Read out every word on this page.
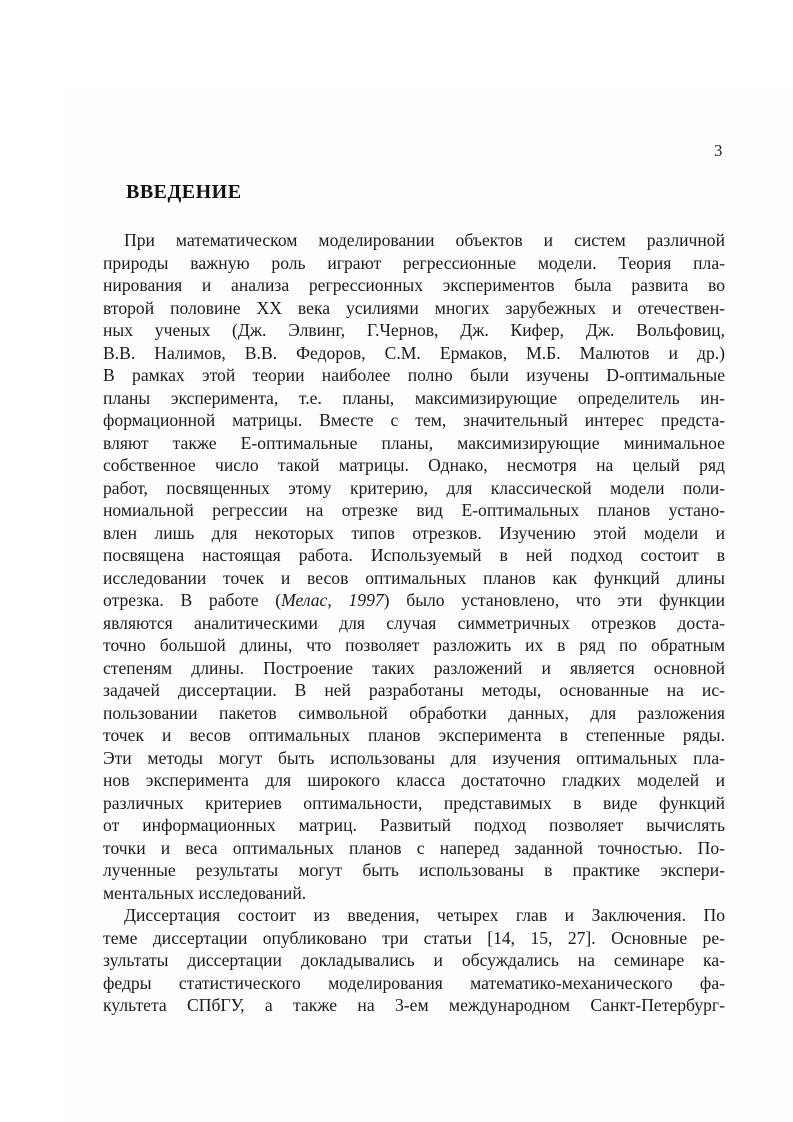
3
ВВЕДЕНИЕ
При математическом моделировании объектов и систем различной
природы важную роль играют регрессионные модели. Теория пла-
нирования и анализа регрессионных экспериментов была развита во
второй половине XX века усилиями многих зарубежных и отечествен-
ных ученых (Дж. Элвинг, Г.Чернов, Дж. Кифер, Дж. Вольфовиц,
В.В. Налимов, В.В. Федоров, С.М. Ермаков, М.Б. Малютов и др.)
В рамках этой теории наиболее полно были изучены D-оптимальные
планы эксперимента, т.е. планы, максимизирующие определитель ин-
формационной матрицы. Вместе с тем, значительный интерес предста-
вляют также E-оптимальные планы, максимизирующие минимальное
собственное число такой матрицы. Однако, несмотря на целый ряд
работ, посвященных этому критерию, для классической модели поли-
номиальной регрессии на отрезке вид E-оптимальных планов устано-
влен лишь для некоторых типов отрезков. Изучению этой модели и
посвящена настоящая работа. Используемый в ней подход состоит в
исследовании точек и весов оптимальных планов как функций длины
отрезка. В работе (Мелас, 1997) было установлено, что эти функции
являются аналитическими для случая симметричных отрезков доста-
точно большой длины, что позволяет разложить их в ряд по обратным
степеням длины. Построение таких разложений и является основной
задачей диссертации. В ней разработаны методы, основанные на ис-
пользовании пакетов символьной обработки данных, для разложения
точек и весов оптимальных планов эксперимента в степенные ряды.
Эти методы могут быть использованы для изучения оптимальных пла-
нов эксперимента для широкого класса достаточно гладких моделей и
различных критериев оптимальности, представимых в виде функций
от информационных матриц. Развитый подход позволяет вычислять
точки и веса оптимальных планов с наперед заданной точностью. По-
лученные результаты могут быть использованы в практике экспери-
ментальных исследований.
Диссертация состоит из введения, четырех глав и Заключения. По
теме диссертации опубликовано три статьи [14, 15, 27]. Основные ре-
зультаты диссертации докладывались и обсуждались на семинаре ка-
федры статистического моделирования математико-механического фа-
культета СПбГУ, а также на 3-ем международном Санкт-Петербург-
